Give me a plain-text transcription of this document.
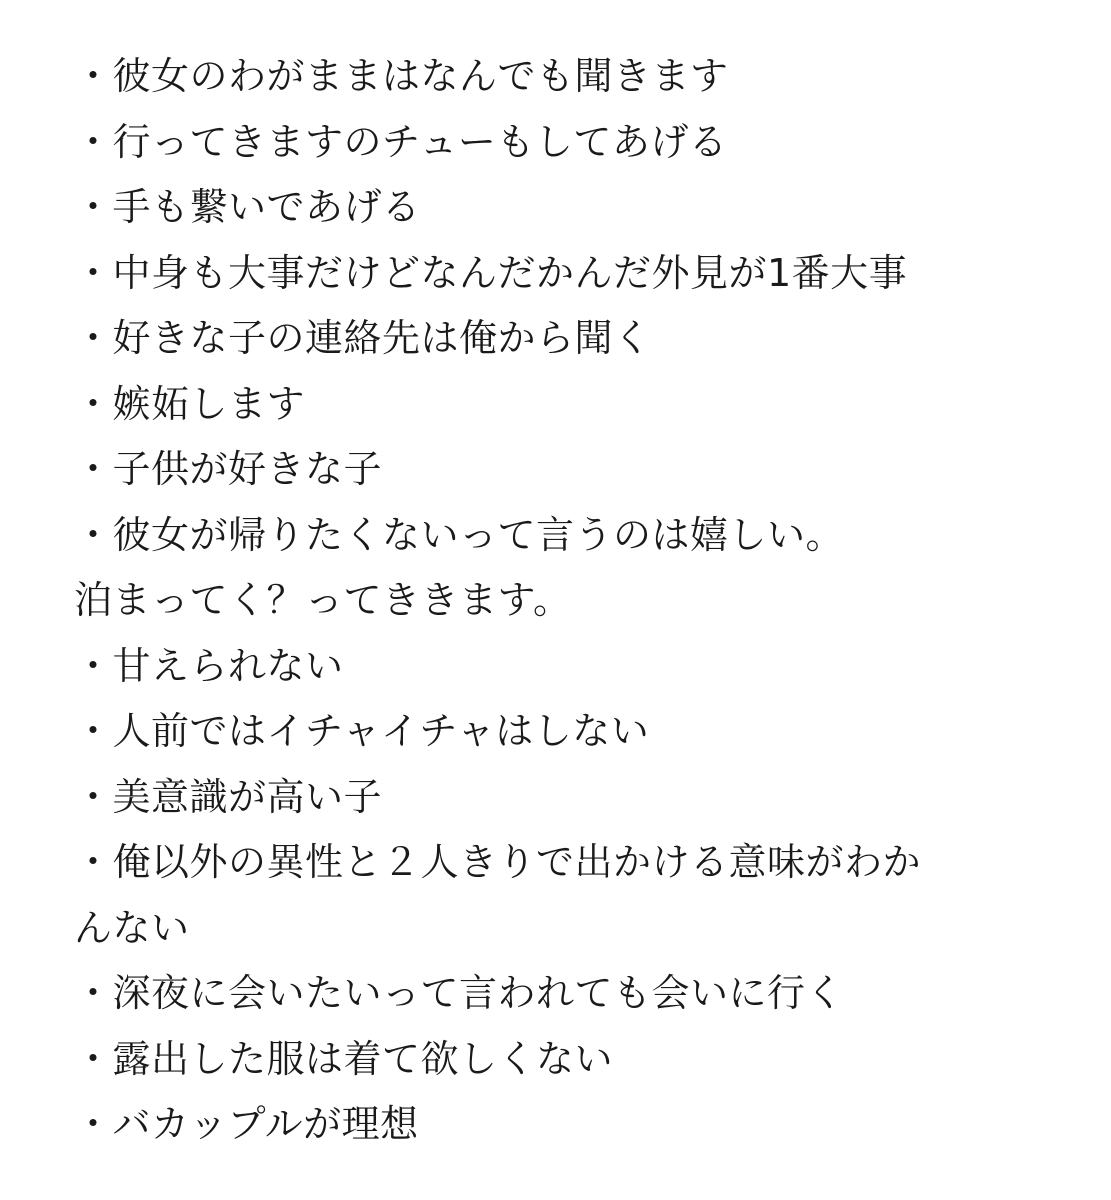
・彼女のわがままはなんでも聞きます
・行ってきますのチューもしてあげる
・手も繋いであげる
・中身も大事だけどなんだかんだ外見が1番大事
・好きな子の連絡先は俺から聞く
・嫉妬します
・子供が好きな子
・彼女が帰りたくないって言うのは嬉しい。
泊まってく？ってききます。
・甘えられない
・人前ではイチャイチャはしない
・美意識が高い子
・俺以外の異性と２人きりで出かける意味がわか
んない
・深夜に会いたいって言われても会いに行く
・露出した服は着て欲しくない
・バカップルが理想
